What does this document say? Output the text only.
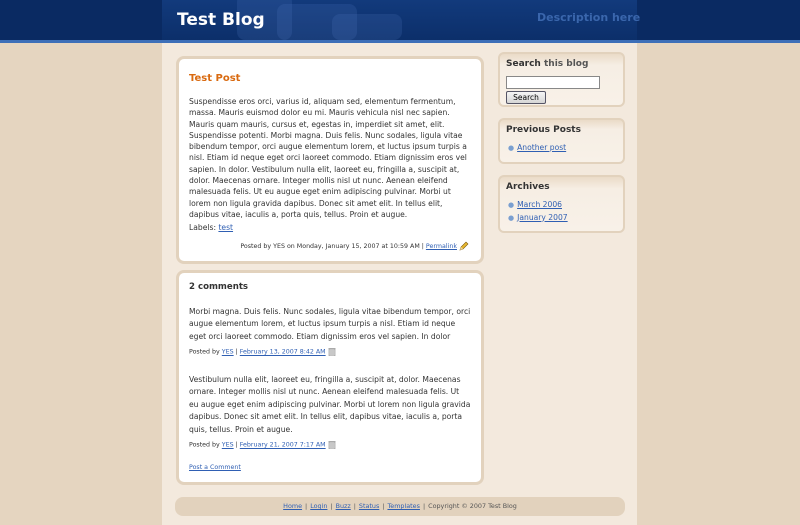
Test Blog	Description here
Test Post
Suspendisse eros orci, varius id, aliquam sed, elementum fermentum, massa. Mauris euismod dolor eu mi. Mauris vehicula nisl nec sapien. Mauris quam mauris, cursus et, egestas in, imperdiet sit amet, elit. Suspendisse potenti. Morbi magna. Duis felis. Nunc sodales, ligula vitae bibendum tempor, orci augue elementum lorem, et luctus ipsum turpis a nisl. Etiam id neque eget orci laoreet commodo. Etiam dignissim eros vel sapien. In dolor. Vestibulum nulla elit, laoreet eu, fringilla a, suscipit at, dolor. Maecenas ornare. Integer mollis nisl ut nunc. Aenean eleifend malesuada felis. Ut eu augue eget enim adipiscing pulvinar. Morbi ut lorem non ligula gravida dapibus. Donec sit amet elit. In tellus elit, dapibus vitae, iaculis a, porta quis, tellus. Proin et augue.
Labels: test
Posted by YES on Monday, January 15, 2007 at 10:59 AM | Permalink
2 comments
Morbi magna. Duis felis. Nunc sodales, ligula vitae bibendum tempor, orci augue elementum lorem, et luctus ipsum turpis a nisl. Etiam id neque eget orci laoreet commodo. Etiam dignissim eros vel sapien. In dolor
Posted by YES | February 13, 2007 8:42 AM
Vestibulum nulla elit, laoreet eu, fringilla a, suscipit at, dolor. Maecenas ornare. Integer mollis nisl ut nunc. Aenean eleifend malesuada felis. Ut eu augue eget enim adipiscing pulvinar. Morbi ut lorem non ligula gravida dapibus. Donec sit amet elit. In tellus elit, dapibus vitae, iaculis a, porta quis, tellus. Proin et augue.
Posted by YES | February 21, 2007 7:17 AM
Post a Comment
Search this blog
Search
Previous Posts
● Another post
Archives
● March 2006
● January 2007
Home | Login | Buzz | Status | Templates | Copyright © 2007 Test Blog
